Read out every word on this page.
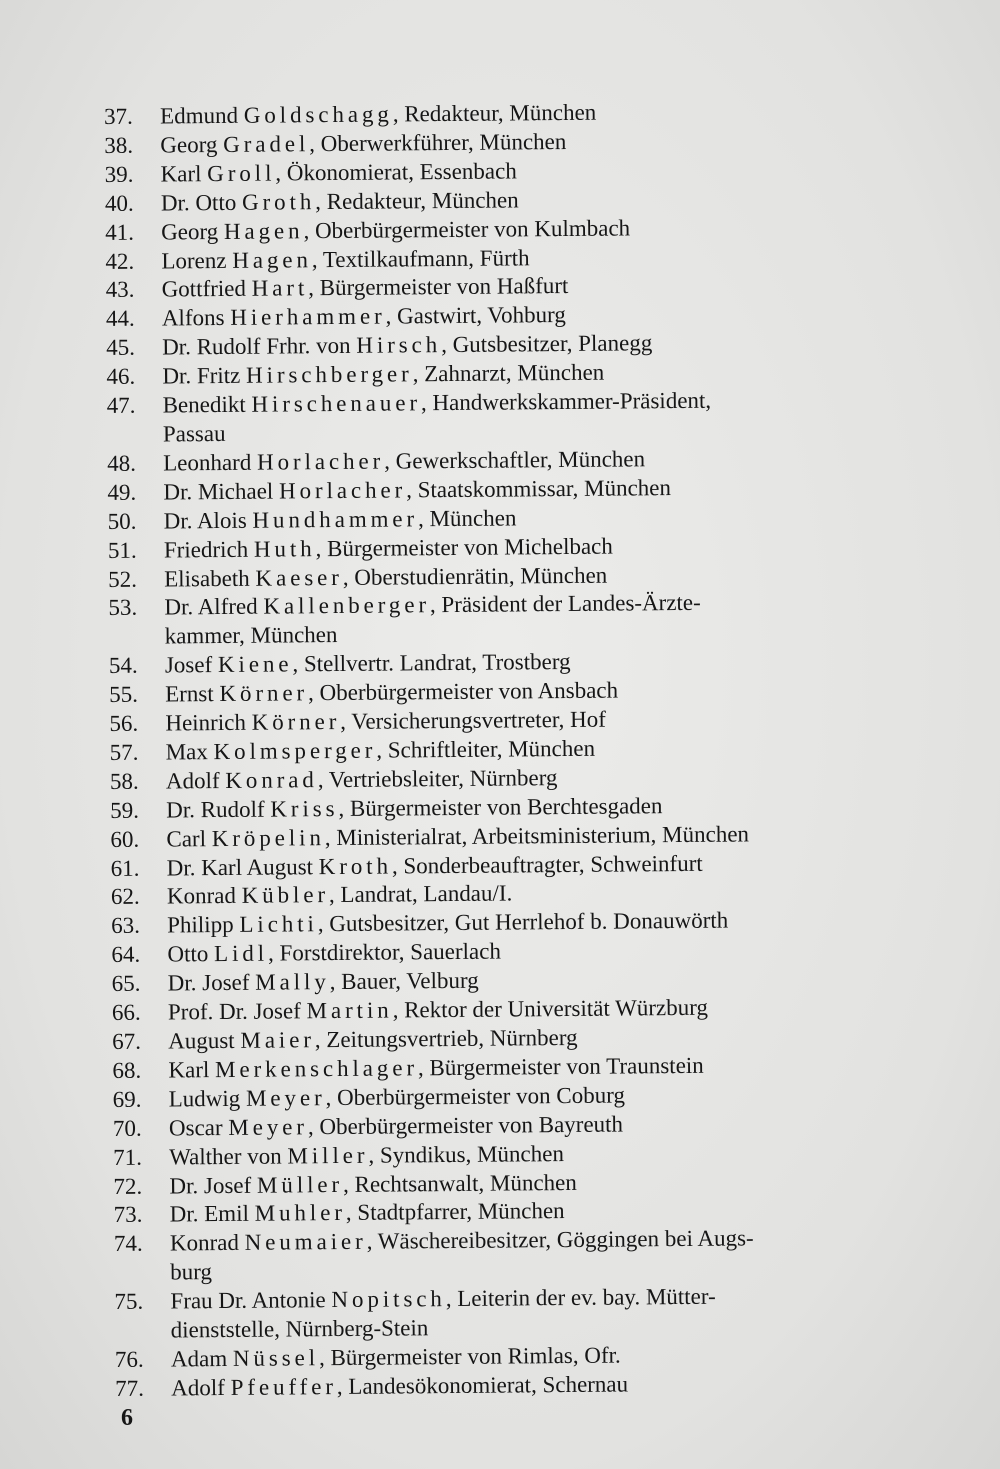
37.	Edmund Goldschagg, Redakteur, München
38.	Georg Gradel, Oberwerkführer, München
39.	Karl Groll, Ökonomierat, Essenbach
40.	Dr. Otto Groth, Redakteur, München
41.	Georg Hagen, Oberbürgermeister von Kulmbach
42.	Lorenz Hagen, Textilkaufmann, Fürth
43.	Gottfried Hart, Bürgermeister von Haßfurt
44.	Alfons Hierhammer, Gastwirt, Vohburg
45.	Dr. Rudolf Frhr. von Hirsch, Gutsbesitzer, Planegg
46.	Dr. Fritz Hirschberger, Zahnarzt, München
47.	Benedikt Hirschenauer, Handwerkskammer-Präsident,
Passau
48.	Leonhard Horlacher, Gewerkschaftler, München
49.	Dr. Michael Horlacher, Staatskommissar, München
50.	Dr. Alois Hundhammer, München
51.	Friedrich Huth, Bürgermeister von Michelbach
52.	Elisabeth Kaeser, Oberstudienrätin, München
53.	Dr. Alfred Kallenberger, Präsident der Landes-Ärzte-
kammer, München
54.	Josef Kiene, Stellvertr. Landrat, Trostberg
55.	Ernst Körner, Oberbürgermeister von Ansbach
56.	Heinrich Körner, Versicherungsvertreter, Hof
57.	Max Kolmsperger, Schriftleiter, München
58.	Adolf Konrad, Vertriebsleiter, Nürnberg
59.	Dr. Rudolf Kriss, Bürgermeister von Berchtesgaden
60.	Carl Kröpelin, Ministerialrat, Arbeitsministerium, München
61.	Dr. Karl August Kroth, Sonderbeauftragter, Schweinfurt
62.	Konrad Kübler, Landrat, Landau/I.
63.	Philipp Lichti, Gutsbesitzer, Gut Herrlehof b. Donauwörth
64.	Otto Lidl, Forstdirektor, Sauerlach
65.	Dr. Josef Mally, Bauer, Velburg
66.	Prof. Dr. Josef Martin, Rektor der Universität Würzburg
67.	August Maier, Zeitungsvertrieb, Nürnberg
68.	Karl Merkenschlager, Bürgermeister von Traunstein
69.	Ludwig Meyer, Oberbürgermeister von Coburg
70.	Oscar Meyer, Oberbürgermeister von Bayreuth
71.	Walther von Miller, Syndikus, München
72.	Dr. Josef Müller, Rechtsanwalt, München
73.	Dr. Emil Muhler, Stadtpfarrer, München
74.	Konrad Neumaier, Wäschereibesitzer, Göggingen bei Augs-
burg
75.	Frau Dr. Antonie Nopitsch, Leiterin der ev. bay. Mütter-
dienststelle, Nürnberg-Stein
76.	Adam Nüssel, Bürgermeister von Rimlas, Ofr.
77.	Adolf Pfeuffer, Landesökonomierat, Schernau
6
